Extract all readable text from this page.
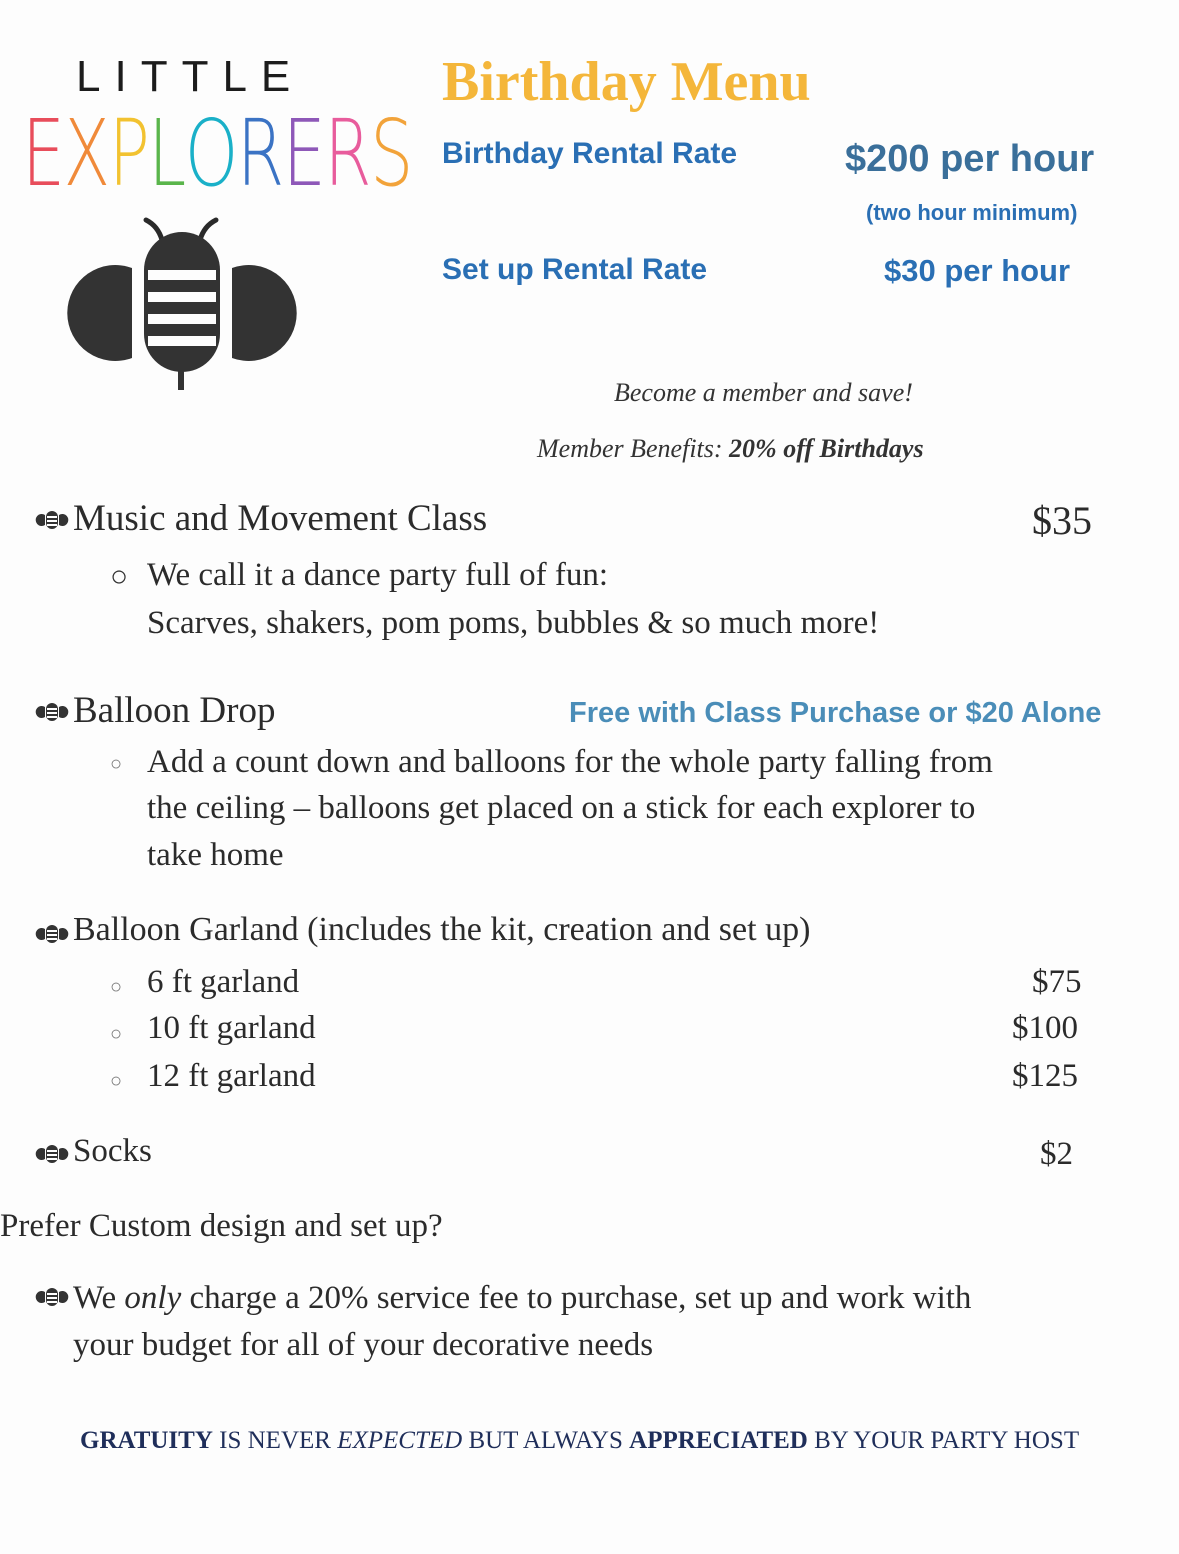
LITTLE
EXPLORERS
Birthday Menu
Birthday Rental Rate	$200 per hour
(two hour minimum)
Set up Rental Rate	$30 per hour
Become a member and save!
Member Benefits: 20% off Birthdays
Music and Movement Class	$35
○ We call it a dance party full of fun:
Scarves, shakers, pom poms, bubbles & so much more!
Balloon Drop	Free with Class Purchase or $20 Alone
○ Add a count down and balloons for the whole party falling from
the ceiling – balloons get placed on a stick for each explorer to
take home
Balloon Garland (includes the kit, creation and set up)
○ 6 ft garland	$75
○ 10 ft garland	$100
○ 12 ft garland	$125
Socks	$2
Prefer Custom design and set up?
We only charge a 20% service fee to purchase, set up and work with
your budget for all of your decorative needs
GRATUITY IS NEVER EXPECTED BUT ALWAYS APPRECIATED BY YOUR PARTY HOST
